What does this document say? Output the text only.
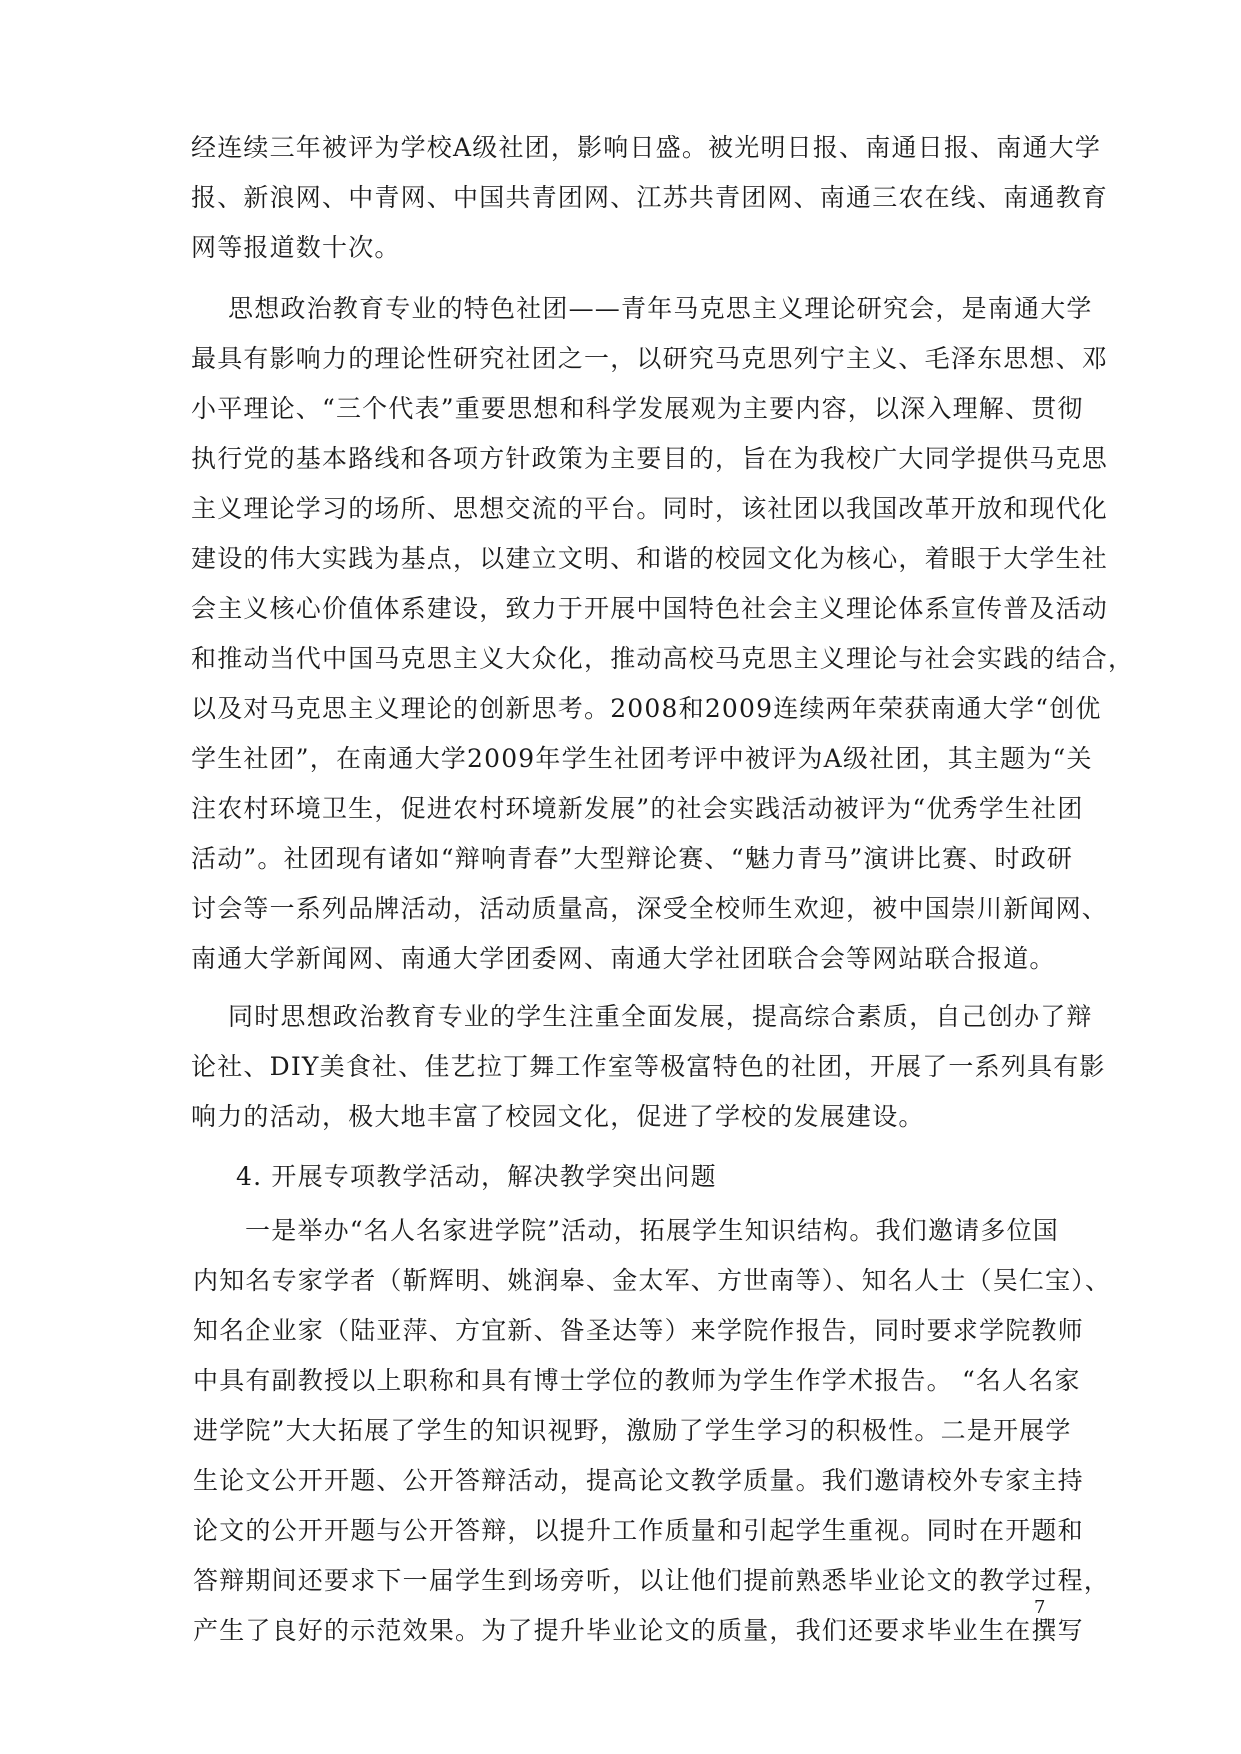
经连续三年被评为学校A级社团，影响日盛。被光明日报、南通日报、南通大学
报、新浪网、中青网、中国共青团网、江苏共青团网、南通三农在线、南通教育
网等报道数十次。
思想政治教育专业的特色社团——青年马克思主义理论研究会，是南通大学
最具有影响力的理论性研究社团之一，以研究马克思列宁主义、毛泽东思想、邓
小平理论、“三个代表”重要思想和科学发展观为主要内容，以深入理解、贯彻
执行党的基本路线和各项方针政策为主要目的，旨在为我校广大同学提供马克思
主义理论学习的场所、思想交流的平台。同时，该社团以我国改革开放和现代化
建设的伟大实践为基点，以建立文明、和谐的校园文化为核心，着眼于大学生社
会主义核心价值体系建设，致力于开展中国特色社会主义理论体系宣传普及活动
和推动当代中国马克思主义大众化，推动高校马克思主义理论与社会实践的结合，
以及对马克思主义理论的创新思考。2008和2009连续两年荣获南通大学“创优
学生社团”，在南通大学2009年学生社团考评中被评为A级社团，其主题为“关
注农村环境卫生，促进农村环境新发展”的社会实践活动被评为“优秀学生社团
活动”。社团现有诸如“辩响青春”大型辩论赛、“魅力青马”演讲比赛、时政研
讨会等一系列品牌活动，活动质量高，深受全校师生欢迎，被中国崇川新闻网、
南通大学新闻网、南通大学团委网、南通大学社团联合会等网站联合报道。
同时思想政治教育专业的学生注重全面发展，提高综合素质，自己创办了辩
论社、DIY美食社、佳艺拉丁舞工作室等极富特色的社团，开展了一系列具有影
响力的活动，极大地丰富了校园文化，促进了学校的发展建设。
4. 开展专项教学活动，解决教学突出问题
一是举办“名人名家进学院”活动，拓展学生知识结构。我们邀请多位国
内知名专家学者（靳辉明、姚润皋、金太军、方世南等）、知名人士（吴仁宝）、
知名企业家（陆亚萍、方宜新、昝圣达等）来学院作报告，同时要求学院教师
中具有副教授以上职称和具有博士学位的教师为学生作学术报告。 “名人名家
进学院”大大拓展了学生的知识视野，激励了学生学习的积极性。二是开展学
生论文公开开题、公开答辩活动，提高论文教学质量。我们邀请校外专家主持
论文的公开开题与公开答辩，以提升工作质量和引起学生重视。同时在开题和
答辩期间还要求下一届学生到场旁听，以让他们提前熟悉毕业论文的教学过程，
产生了良好的示范效果。为了提升毕业论文的质量，我们还要求毕业生在撰写
7
